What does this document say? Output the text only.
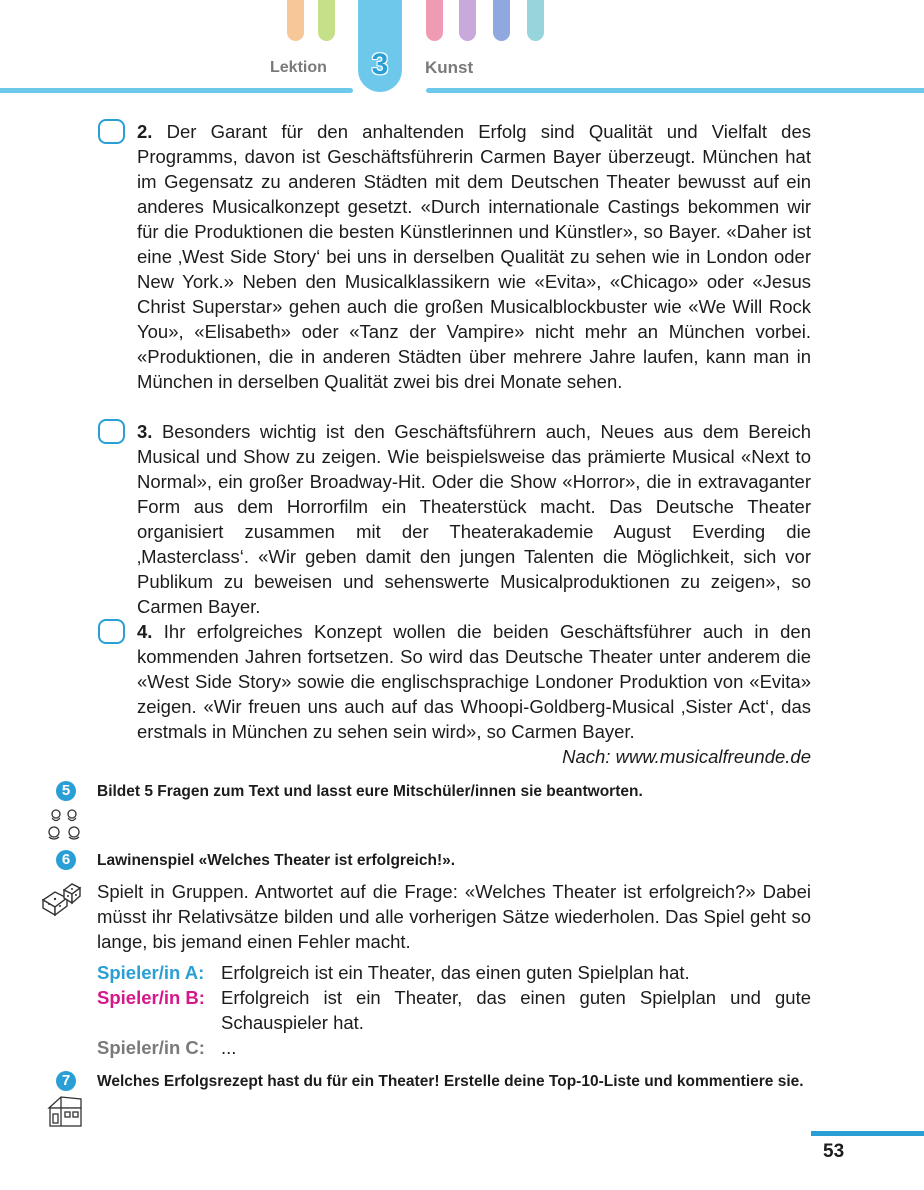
Lektion	3	Kunst

2. Der Garant für den anhaltenden Erfolg sind Qualität und Vielfalt des Programms, davon ist Geschäftsführerin Carmen Bayer überzeugt. München hat im Gegensatz zu anderen Städten mit dem Deutschen Theater bewusst auf ein anderes Musicalkonzept gesetzt. «Durch internationale Castings bekommen wir für die Produktionen die besten Künstlerinnen und Künstler», so Bayer. «Daher ist eine ‚West Side Story‘ bei uns in derselben Qualität zu sehen wie in London oder New York.» Neben den Musicalklassikern wie «Evita», «Chicago» oder «Jesus Christ Superstar» gehen auch die großen Musicalblockbuster wie «We Will Rock You», «Elisabeth» oder «Tanz der Vampire» nicht mehr an München vorbei. «Produktionen, die in anderen Städten über mehrere Jahre laufen, kann man in München in derselben Qualität zwei bis drei Monate sehen.

3. Besonders wichtig ist den Geschäftsführern auch, Neues aus dem Bereich Musical und Show zu zeigen. Wie beispielsweise das prämierte Musical «Next to Normal», ein großer Broadway-Hit. Oder die Show «Horror», die in extravaganter Form aus dem Horrorfilm ein Theaterstück macht. Das Deutsche Theater organisiert zusammen mit der Theaterakademie August Everding die ‚Masterclass‘. «Wir geben damit den jungen Talenten die Möglichkeit, sich vor Publikum zu beweisen und sehenswerte Musicalproduktionen zu zeigen», so Carmen Bayer.

4. Ihr erfolgreiches Konzept wollen die beiden Geschäftsführer auch in den kommenden Jahren fortsetzen. So wird das Deutsche Theater unter anderem die «West Side Story» sowie die englischsprachige Londoner Produktion von «Evita» zeigen. «Wir freuen uns auch auf das Whoopi-Goldberg-Musical ‚Sister Act‘, das erstmals in München zu sehen sein wird», so Carmen Bayer.

Nach: www.musicalfreunde.de
5	Bildet 5 Fragen zum Text und lasst eure Mitschüler/innen sie beantworten.

6	Lawinenspiel «Welches Theater ist erfolgreich!».

Spielt in Gruppen. Antwortet auf die Frage: «Welches Theater ist erfolgreich?» Dabei müsst ihr Relativsätze bilden und alle vorherigen Sätze wiederholen. Das Spiel geht so lange, bis jemand einen Fehler macht.

Spieler/in A: Erfolgreich ist ein Theater, das einen guten Spielplan hat.
Spieler/in B: Erfolgreich ist ein Theater, das einen guten Spielplan und gute Schauspieler hat.
Spieler/in C: ...
7	Welches Erfolgsrezept hast du für ein Theater! Erstelle deine Top-10-Liste und kommentiere sie.

53
